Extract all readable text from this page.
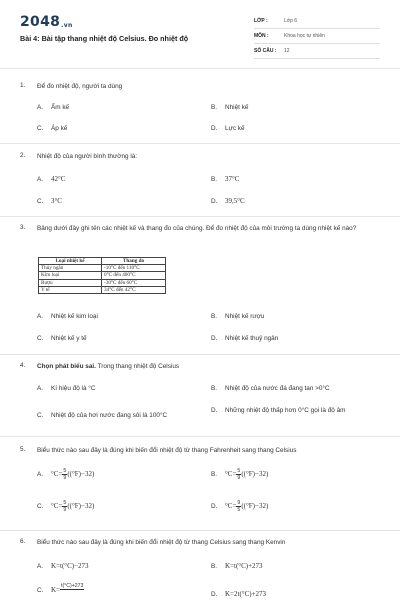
$2048_{.vn}$
Bài 4: Bài tập thang nhiệt độ Celsius. Đo nhiệt độ
LỚP :	Lớp 6
MÔN :	Khoa học tự nhiên
SỐ CÂU :	12
1. Để đo nhiệt độ, người ta dùng
A. Ẩm kế	B. Nhiệt kế
C. Áp kế	D. Lực kế
2. Nhiệt độ của người bình thường là:
A. 42°C	B. 37°C
C. 3°C	D. 39,5°C
3. Bảng dưới đây ghi tên các nhiệt kế và thang đo của chúng. Để đo nhiệt độ của môi trường ta dùng nhiệt kế nào?
Loại nhiệt kế	Thang đo
Thủy ngân	-10°C đến 110°C
Kim loại	0°C đến 400°C
Rượu	-30°C đến 60°C
Y tế	34°C đến 42°C
A. Nhiệt kế kim loại	B. Nhiệt kế rượu
C. Nhiệt kế y tế	D. Nhiệt kế thuỷ ngân
4. Chọn phát biểu sai. Trong thang nhiệt độ Celsius
A. Kí hiệu độ là °C	B. Nhiệt độ của nước đá đang tan >0°C
C. Nhiệt độ của hơi nước đang sôi là 100°C
D.	Những nhiệt độ thấp hơn 0°C gọi là độ âm
5. Biểu thức nào sau đây là đúng khi biến đổi nhiệt độ từ thang Fahrenheit sang thang Celsius
A. $^\circ C= \frac{5}{9} ((^\circ F)-32)$	B. $^\circ C= \frac{5}{9} ((^\circ F)-32)$
C. $^\circ C= \frac{5}{9} ((^\circ F)-32)$	D. $^\circ C= \frac{9}{5} ((^\circ F)-32)$
6. Biểu thức nào sau đây là đúng khi biến đổi nhiệt độ từ thang Celsius sang thang Kenvin
A. K=t(°C)−273	B. K=t(°C)+273
C. K=
t(°C)+273
D. K=2t(°C)+273
